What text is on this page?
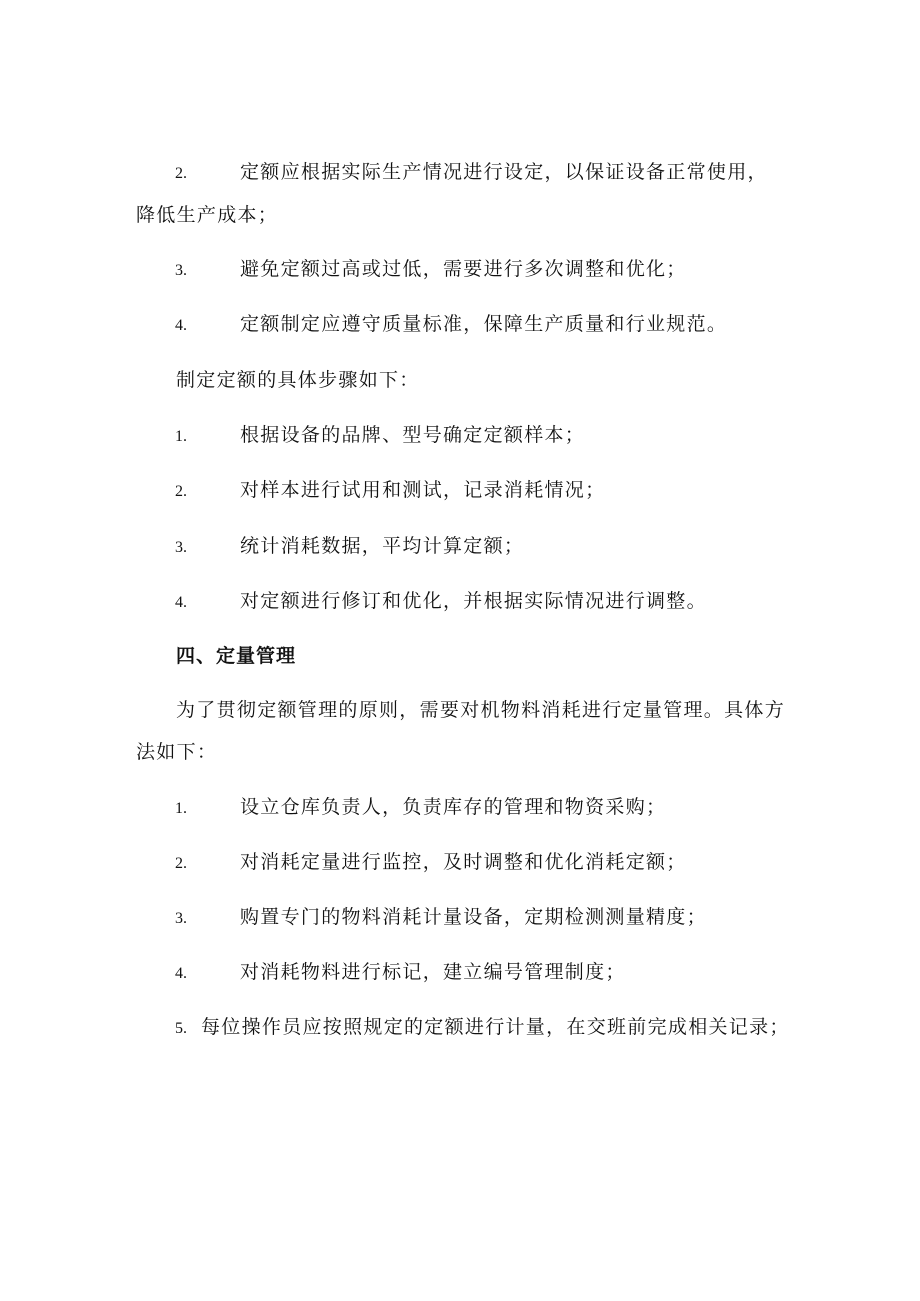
2.	定额应根据实际生产情况进行设定，以保证设备正常使用，
降低生产成本；
3.	避免定额过高或过低，需要进行多次调整和优化；
4.	定额制定应遵守质量标准，保障生产质量和行业规范。
制定定额的具体步骤如下：
1.	根据设备的品牌、型号确定定额样本；
2.	对样本进行试用和测试，记录消耗情况；
3.	统计消耗数据，平均计算定额；
4.	对定额进行修订和优化，并根据实际情况进行调整。
四、定量管理
为了贯彻定额管理的原则，需要对机物料消耗进行定量管理。具体方
法如下：
1.	设立仓库负责人，负责库存的管理和物资采购；
2.	对消耗定量进行监控，及时调整和优化消耗定额；
3.	购置专门的物料消耗计量设备，定期检测测量精度；
4.	对消耗物料进行标记，建立编号管理制度；
5. 每位操作员应按照规定的定额进行计量，在交班前完成相关记录；
